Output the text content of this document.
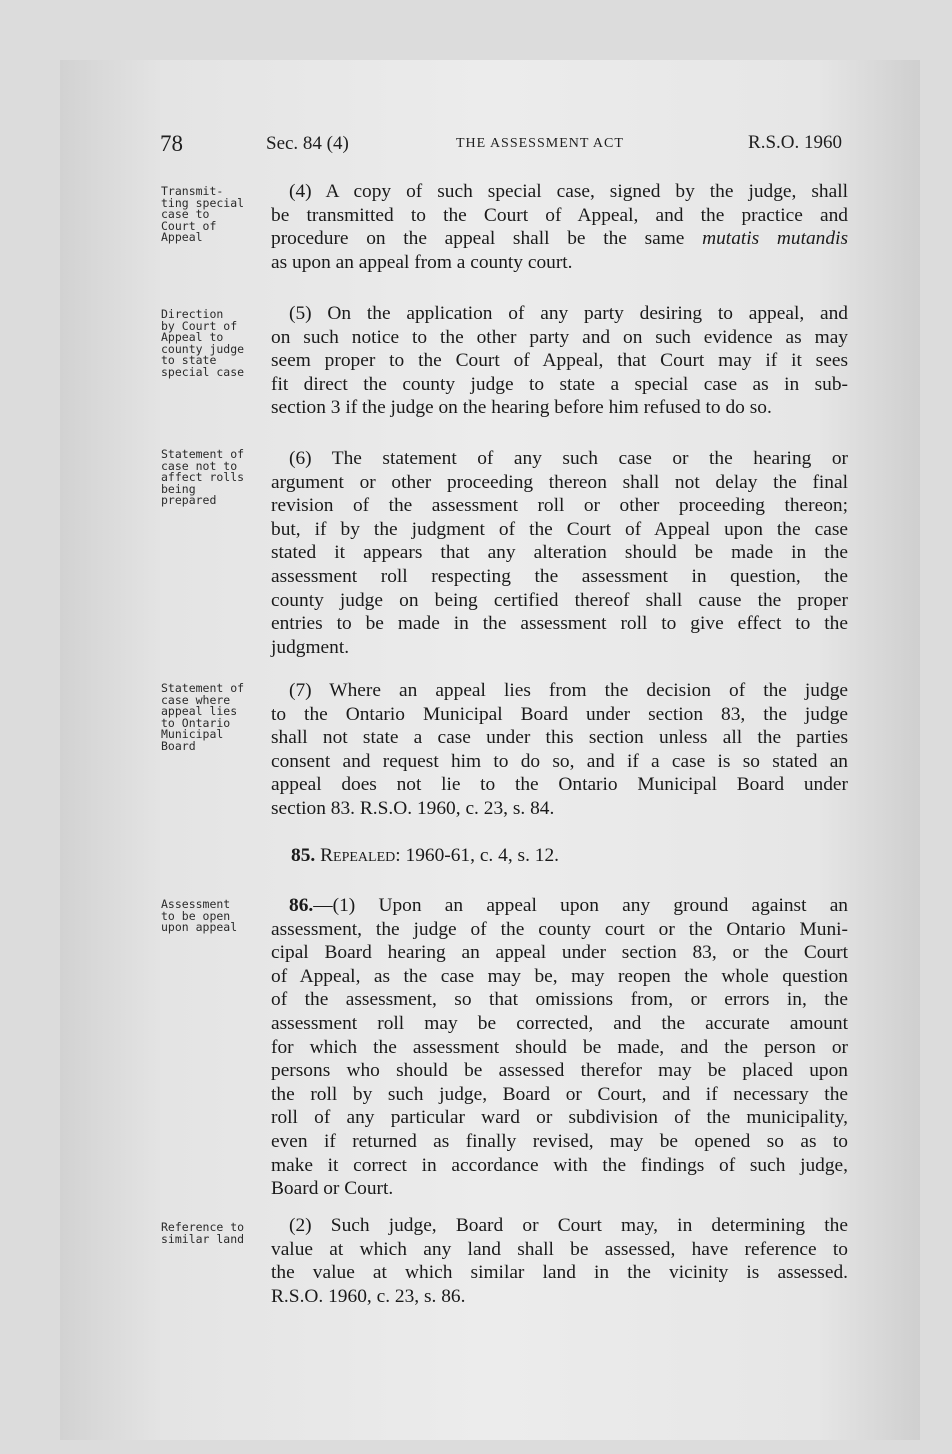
78	Sec. 84 (4)	THE ASSESSMENT ACT	R.S.O. 1960
Transmit-
ting special
case to
Court of
Appeal
Direction
by Court of
Appeal to
county judge
to state
special case
Statement of
case not to
affect rolls
being
prepared
Statement of
case where
appeal lies
to Ontario
Municipal
Board
Assessment
to be open
upon appeal
Reference to
similar land
(4) A copy of such special case, signed by the judge, shall
be transmitted to the Court of Appeal, and the practice and
procedure on the appeal shall be the same mutatis mutandis
as upon an appeal from a county court.
(5) On the application of any party desiring to appeal, and
on such notice to the other party and on such evidence as may
seem proper to the Court of Appeal, that Court may if it sees
fit direct the county judge to state a special case as in sub-
section 3 if the judge on the hearing before him refused to do so.
(6) The statement of any such case or the hearing or
argument or other proceeding thereon shall not delay the final
revision of the assessment roll or other proceeding thereon;
but, if by the judgment of the Court of Appeal upon the case
stated it appears that any alteration should be made in the
assessment roll respecting the assessment in question, the
county judge on being certified thereof shall cause the proper
entries to be made in the assessment roll to give effect to the
judgment.
(7) Where an appeal lies from the decision of the judge
to the Ontario Municipal Board under section 83, the judge
shall not state a case under this section unless all the parties
consent and request him to do so, and if a case is so stated an
appeal does not lie to the Ontario Municipal Board under
section 83. R.S.O. 1960, c. 23, s. 84.
85. Repealed: 1960-61, c. 4, s. 12.
86.—(1) Upon an appeal upon any ground against an
assessment, the judge of the county court or the Ontario Muni-
cipal Board hearing an appeal under section 83, or the Court
of Appeal, as the case may be, may reopen the whole question
of the assessment, so that omissions from, or errors in, the
assessment roll may be corrected, and the accurate amount
for which the assessment should be made, and the person or
persons who should be assessed therefor may be placed upon
the roll by such judge, Board or Court, and if necessary the
roll of any particular ward or subdivision of the municipality,
even if returned as finally revised, may be opened so as to
make it correct in accordance with the findings of such judge,
Board or Court.
(2) Such judge, Board or Court may, in determining the
value at which any land shall be assessed, have reference to
the value at which similar land in the vicinity is assessed.
R.S.O. 1960, c. 23, s. 86.
